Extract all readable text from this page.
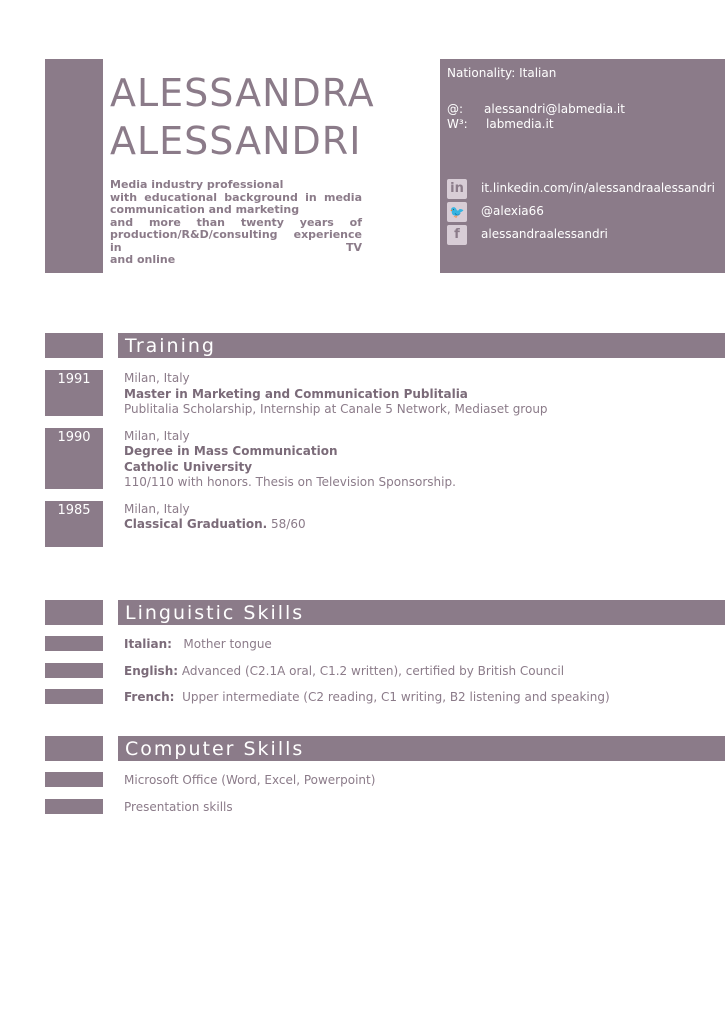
ALESSANDRA
ALESSANDRI
Media industry professional
with educational background in media
communication and marketing
and more than twenty years of
production/R&D/consulting experience in TV
and online
Nationality: Italian
@: alessandri@labmedia.it
W³: labmedia.it
in it.linkedin.com/in/alessandraalessandri
🐦 @alexia66
f	alessandraalessandri
Training
1991	Milan, Italy
Master in Marketing and Communication Publitalia
Publitalia Scholarship, Internship at Canale 5 Network, Mediaset group
1990	Milan, Italy
Degree in Mass Communication
Catholic University
110/110 with honors. Thesis on Television Sponsorship.
1985	Milan, Italy
Classical Graduation. 58/60
Linguistic Skills
Italian: Mother tongue
English: Advanced (C2.1A oral, C1.2 written), certified by British Council
French: Upper intermediate (C2 reading, C1 writing, B2 listening and speaking)
Computer Skills
Microsoft Office (Word, Excel, Powerpoint)
Presentation skills
